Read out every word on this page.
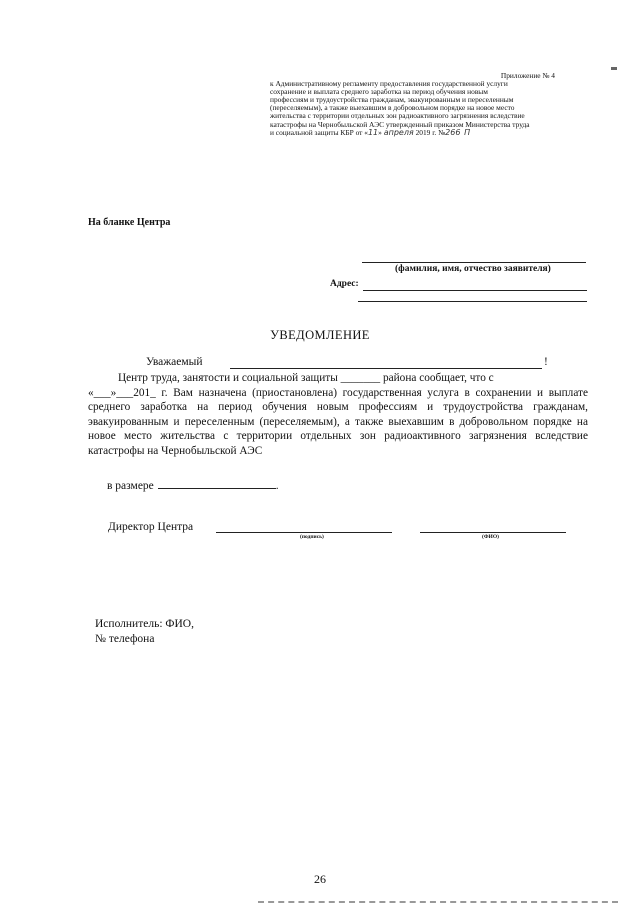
Приложение № 4
к Административному регламенту предоставления государственной услуги
сохранение и выплата среднего заработка на период обучения новым
профессиям и трудоустройства гражданам, эвакуированным и переселенным
(переселяемым), а также выехавшим в добровольном порядке на новое место
жительства с территории отдельных зон радиоактивного загрязнения вследствие
катастрофы на Чернобыльской АЭС утвержденный приказом Министерства труда
и социальной защиты КБР от «11» апреля 2019 г. №266 П
На бланке Центра
(фамилия, имя, отчество заявителя)
Адрес:
УВЕДОМЛЕНИЕ
Уважаемый	!
Центр труда, занятости и социальной защиты _______ района сообщает, что с
«___»___201_ г. Вам назначена (приостановлена) государственная услуга в сохранении и выплате среднего заработка на период обучения новым профессиям и трудоустройства гражданам, эвакуированным и переселенным (переселяемым), а также выехавшим в добровольном порядке на новое место жительства с территории отдельных зон радиоактивного загрязнения вследствие катастрофы на Чернобыльской АЭС
в размере	.
Директор Центра
(подпись)	(ФИО)
Исполнитель: ФИО,
№ телефона
26
